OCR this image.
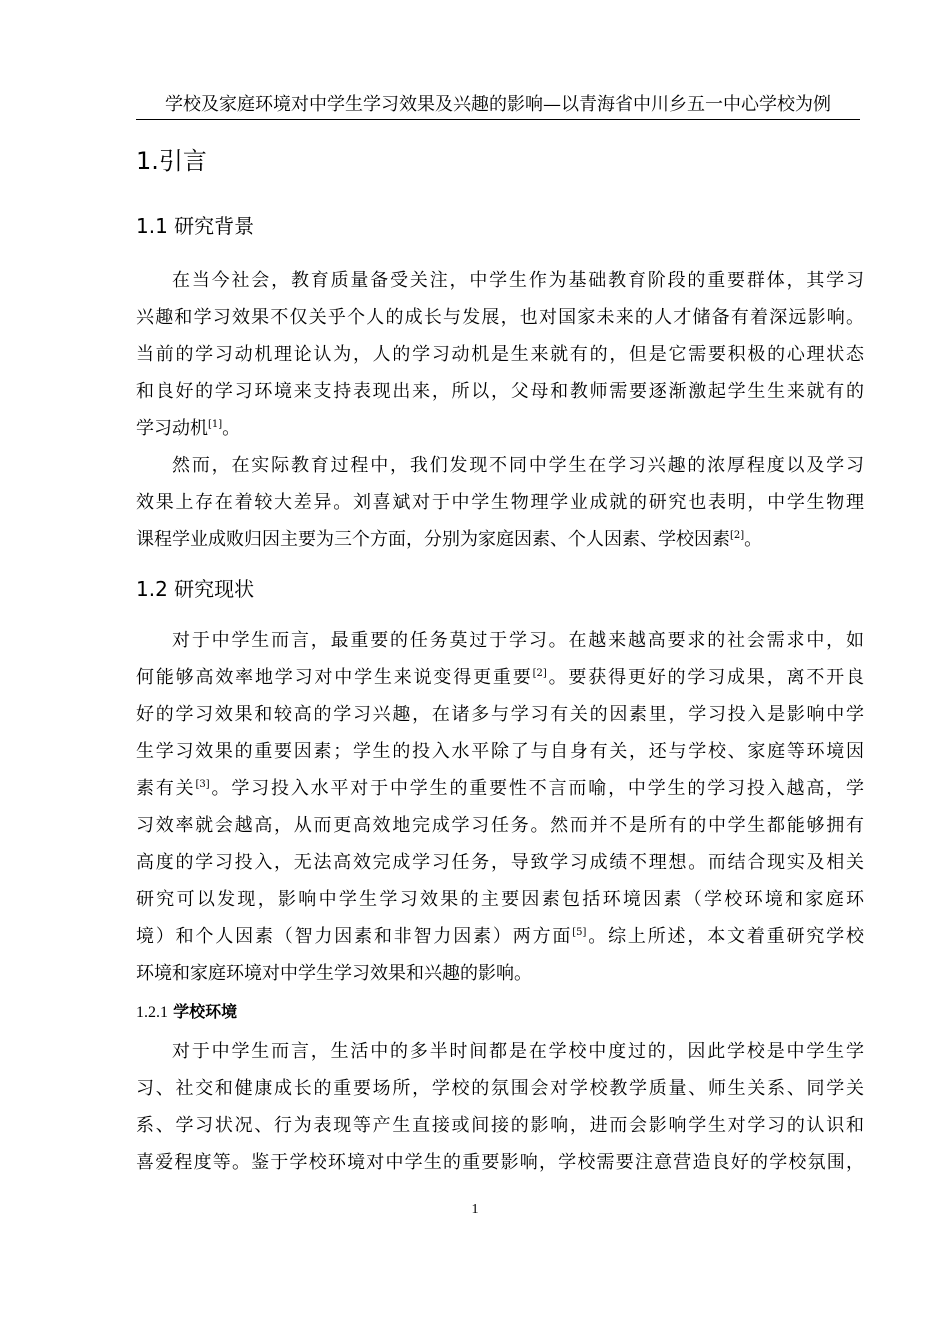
学校及家庭环境对中学生学习效果及兴趣的影响—以青海省中川乡五一中心学校为例
1.引言
1.1 研究背景
在当今社会，教育质量备受关注，中学生作为基础教育阶段的重要群体，其学习
兴趣和学习效果不仅关乎个人的成长与发展，也对国家未来的人才储备有着深远影响。
当前的学习动机理论认为，人的学习动机是生来就有的，但是它需要积极的心理状态
和良好的学习环境来支持表现出来，所以，父母和教师需要逐渐激起学生生来就有的
学习动机[1]。
然而，在实际教育过程中，我们发现不同中学生在学习兴趣的浓厚程度以及学习
效果上存在着较大差异。刘喜斌对于中学生物理学业成就的研究也表明，中学生物理
课程学业成败归因主要为三个方面，分别为家庭因素、个人因素、学校因素[2]。
1.2 研究现状
对于中学生而言，最重要的任务莫过于学习。在越来越高要求的社会需求中，如
何能够高效率地学习对中学生来说变得更重要[2]。要获得更好的学习成果，离不开良
好的学习效果和较高的学习兴趣，在诸多与学习有关的因素里，学习投入是影响中学
生学习效果的重要因素；学生的投入水平除了与自身有关，还与学校、家庭等环境因
素有关[3]。学习投入水平对于中学生的重要性不言而喻，中学生的学习投入越高，学
习效率就会越高，从而更高效地完成学习任务。然而并不是所有的中学生都能够拥有
高度的学习投入，无法高效完成学习任务，导致学习成绩不理想。而结合现实及相关
研究可以发现，影响中学生学习效果的主要因素包括环境因素（学校环境和家庭环
境）和个人因素（智力因素和非智力因素）两方面[5]。综上所述，本文着重研究学校
环境和家庭环境对中学生学习效果和兴趣的影响。
1.2.1 学校环境
对于中学生而言，生活中的多半时间都是在学校中度过的，因此学校是中学生学
习、社交和健康成长的重要场所，学校的氛围会对学校教学质量、师生关系、同学关
系、学习状况、行为表现等产生直接或间接的影响，进而会影响学生对学习的认识和
喜爱程度等。鉴于学校环境对中学生的重要影响，学校需要注意营造良好的学校氛围，
1
